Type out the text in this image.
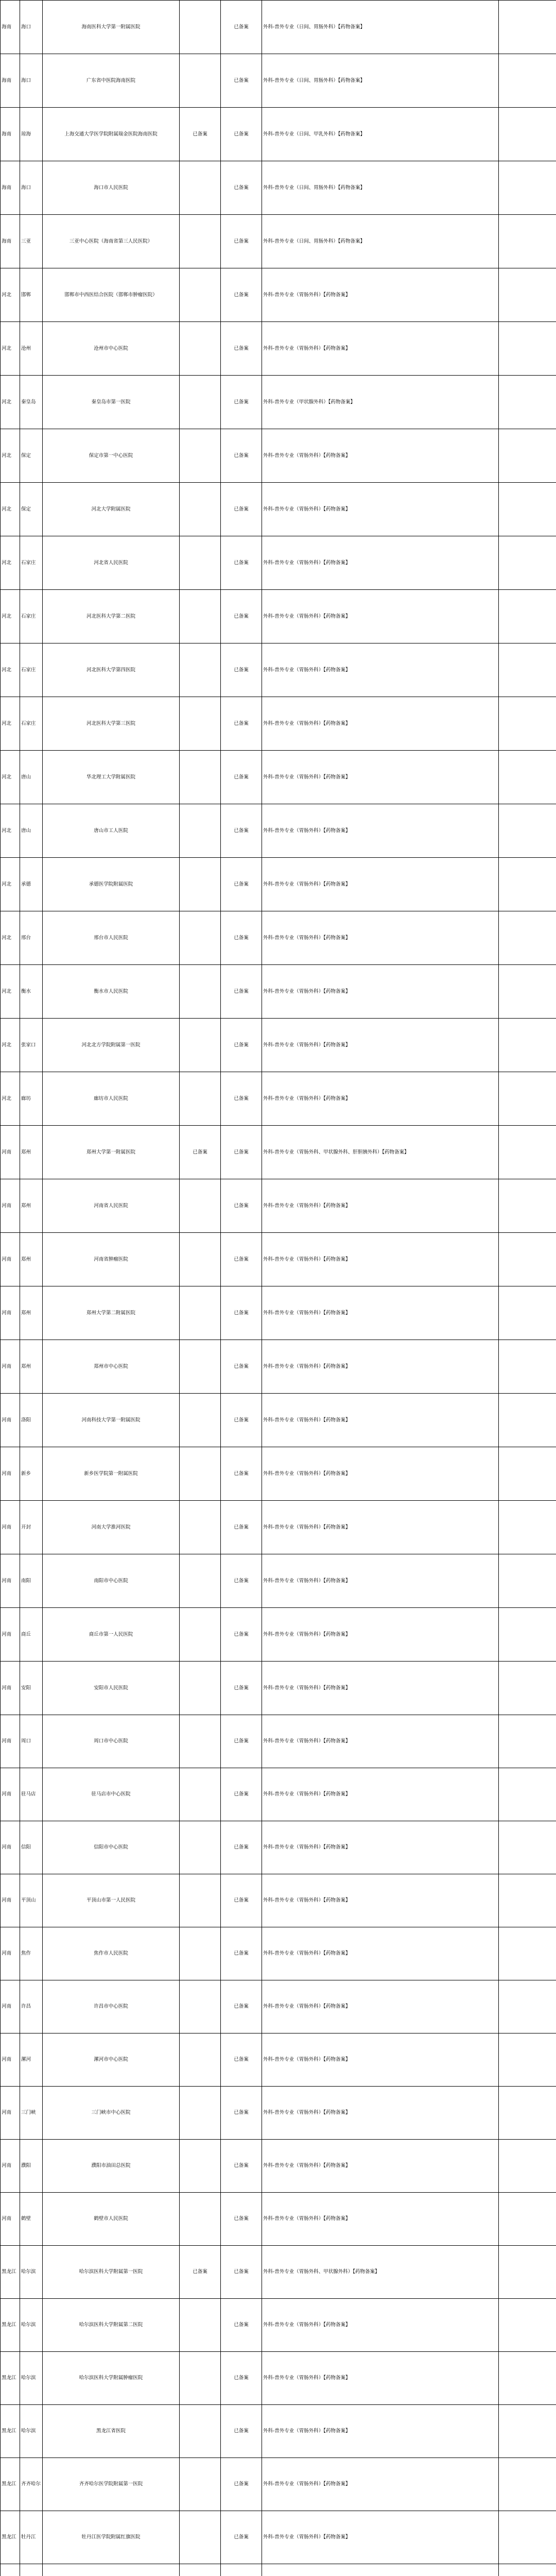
海南	海口	海南医科大学第一附属医院		已备案	外科-普外专业（日间、胃肠外科）【药物备案】	
海南	海口	广东省中医院海南医院		已备案	外科-普外专业（日间、胃肠外科）【药物备案】	
海南	琼海	上海交通大学医学院附属瑞金医院海南医院	已备案	已备案	外科-普外专业（日间、甲乳外科）【药物备案】	
海南	海口	海口市人民医院		已备案	外科-普外专业（日间、胃肠外科）【药物备案】	
海南	三亚	三亚中心医院（海南省第三人民医院）		已备案	外科-普外专业（日间、胃肠外科）【药物备案】	
河北	邯郸	邯郸市中西医结合医院（邯郸市肿瘤医院）		已备案	外科-普外专业（胃肠外科）【药物备案】	
河北	沧州	沧州市中心医院		已备案	外科-普外专业（胃肠外科）【药物备案】	
河北	秦皇岛	秦皇岛市第一医院		已备案	外科-普外专业（甲状腺外科）【药物备案】	
河北	保定	保定市第一中心医院		已备案	外科-普外专业（胃肠外科）【药物备案】	
河北	保定	河北大学附属医院		已备案	外科-普外专业（胃肠外科）【药物备案】	
河北	石家庄	河北省人民医院		已备案	外科-普外专业（胃肠外科）【药物备案】	
河北	石家庄	河北医科大学第二医院		已备案	外科-普外专业（胃肠外科）【药物备案】	
河北	石家庄	河北医科大学第四医院		已备案	外科-普外专业（胃肠外科）【药物备案】	
河北	石家庄	河北医科大学第三医院		已备案	外科-普外专业（胃肠外科）【药物备案】	
河北	唐山	华北理工大学附属医院		已备案	外科-普外专业（胃肠外科）【药物备案】	
河北	唐山	唐山市工人医院		已备案	外科-普外专业（胃肠外科）【药物备案】	
河北	承德	承德医学院附属医院		已备案	外科-普外专业（胃肠外科）【药物备案】	
河北	邢台	邢台市人民医院		已备案	外科-普外专业（胃肠外科）【药物备案】	
河北	衡水	衡水市人民医院		已备案	外科-普外专业（胃肠外科）【药物备案】	
河北	张家口	河北北方学院附属第一医院		已备案	外科-普外专业（胃肠外科）【药物备案】	
河北	廊坊	廊坊市人民医院		已备案	外科-普外专业（胃肠外科）【药物备案】	
河南	郑州	郑州大学第一附属医院	已备案	已备案	外科-普外专业（胃肠外科、甲状腺外科、肝胆胰外科）【药物备案】	
河南	郑州	河南省人民医院		已备案	外科-普外专业（胃肠外科）【药物备案】	
河南	郑州	河南省肿瘤医院		已备案	外科-普外专业（胃肠外科）【药物备案】	
河南	郑州	郑州大学第二附属医院		已备案	外科-普外专业（胃肠外科）【药物备案】	
河南	郑州	郑州市中心医院		已备案	外科-普外专业（胃肠外科）【药物备案】	
河南	洛阳	河南科技大学第一附属医院		已备案	外科-普外专业（胃肠外科）【药物备案】	
河南	新乡	新乡医学院第一附属医院		已备案	外科-普外专业（胃肠外科）【药物备案】	
河南	开封	河南大学淮河医院		已备案	外科-普外专业（胃肠外科）【药物备案】	
河南	南阳	南阳市中心医院		已备案	外科-普外专业（胃肠外科）【药物备案】	
河南	商丘	商丘市第一人民医院		已备案	外科-普外专业（胃肠外科）【药物备案】	
河南	安阳	安阳市人民医院		已备案	外科-普外专业（胃肠外科）【药物备案】	
河南	周口	周口市中心医院		已备案	外科-普外专业（胃肠外科）【药物备案】	
河南	驻马店	驻马店市中心医院		已备案	外科-普外专业（胃肠外科）【药物备案】	
河南	信阳	信阳市中心医院		已备案	外科-普外专业（胃肠外科）【药物备案】	
河南	平顶山	平顶山市第一人民医院		已备案	外科-普外专业（胃肠外科）【药物备案】	
河南	焦作	焦作市人民医院		已备案	外科-普外专业（胃肠外科）【药物备案】	
河南	许昌	许昌市中心医院		已备案	外科-普外专业（胃肠外科）【药物备案】	
河南	漯河	漯河市中心医院		已备案	外科-普外专业（胃肠外科）【药物备案】	
河南	三门峡	三门峡市中心医院		已备案	外科-普外专业（胃肠外科）【药物备案】	
河南	濮阳	濮阳市油田总医院		已备案	外科-普外专业（胃肠外科）【药物备案】	
河南	鹤壁	鹤壁市人民医院		已备案	外科-普外专业（胃肠外科）【药物备案】	
黑龙江	哈尔滨	哈尔滨医科大学附属第一医院	已备案	已备案	外科-普外专业（胃肠外科、甲状腺外科）【药物备案】	
黑龙江	哈尔滨	哈尔滨医科大学附属第二医院		已备案	外科-普外专业（胃肠外科）【药物备案】	
黑龙江	哈尔滨	哈尔滨医科大学附属肿瘤医院		已备案	外科-普外专业（胃肠外科）【药物备案】	
黑龙江	哈尔滨	黑龙江省医院		已备案	外科-普外专业（胃肠外科）【药物备案】	
黑龙江	齐齐哈尔	齐齐哈尔医学院附属第一医院		已备案	外科-普外专业（胃肠外科）【药物备案】	
黑龙江	牡丹江	牡丹江医学院附属红旗医院		已备案	外科-普外专业（胃肠外科）【药物备案】	
